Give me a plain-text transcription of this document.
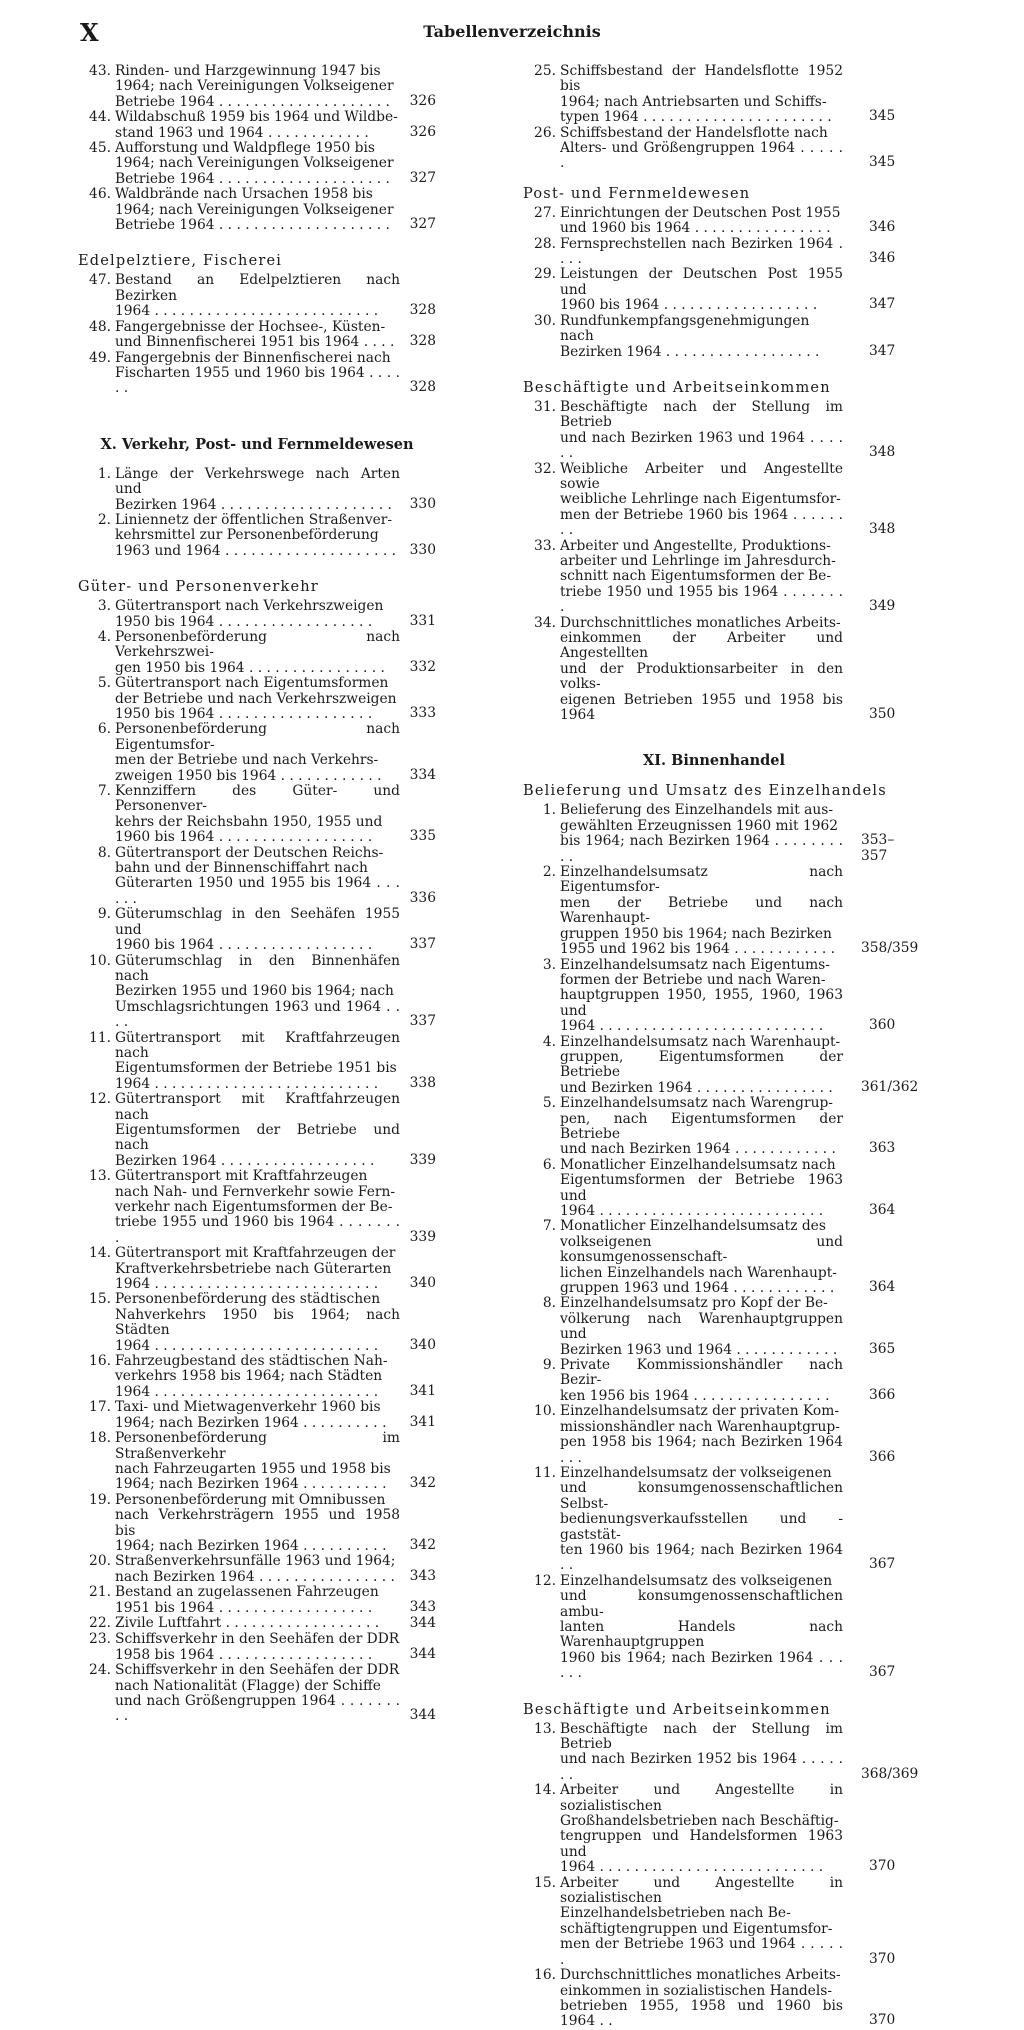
X	Tabellenverzeichnis
43. Rinden- und Harzgewinnung 1947 bis
1964; nach Vereinigungen Volkseigener
Betriebe 1964 . . . . . . . . . . . . . . . . . . . .	326
44. Wildabschuß 1959 bis 1964 und Wildbe-
stand 1963 und 1964 . . . . . . . . . . . .	326
45. Aufforstung und Waldpflege 1950 bis
1964; nach Vereinigungen Volkseigener
Betriebe 1964 . . . . . . . . . . . . . . . . . . . .	327
46. Waldbrände nach Ursachen 1958 bis
1964; nach Vereinigungen Volkseigener
Betriebe 1964 . . . . . . . . . . . . . . . . . . . .	327
Edelpelztiere, Fischerei
47. Bestand an Edelpelztieren nach Bezirken
1964 . . . . . . . . . . . . . . . . . . . . . . . . . .	328
48. Fangergebnisse der Hochsee-, Küsten-
und Binnenfischerei 1951 bis 1964 . . . .	328
49. Fangergebnis der Binnenfischerei nach
Fischarten 1955 und 1960 bis 1964 . . . . . .	328
X. Verkehr, Post- und Fernmeldewesen
1. Länge der Verkehrswege nach Arten und
Bezirken 1964 . . . . . . . . . . . . . . . . . . . .	330
2. Liniennetz der öffentlichen Straßenver-
kehrsmittel zur Personenbeförderung
1963 und 1964 . . . . . . . . . . . . . . . . . . . . 330
Güter- und Personenverkehr
3. Gütertransport nach Verkehrszweigen
1950 bis 1964 . . . . . . . . . . . . . . . . . .	331
4. Personenbeförderung nach Verkehrszwei-
gen 1950 bis 1964 . . . . . . . . . . . . . . . .	332
5. Gütertransport nach Eigentumsformen
der Betriebe und nach Verkehrszweigen
1950 bis 1964 . . . . . . . . . . . . . . . . . .	333
6. Personenbeförderung nach Eigentumsfor-
men der Betriebe und nach Verkehrs-
zweigen 1950 bis 1964 . . . . . . . . . . . .	334
7. Kennziffern des Güter- und Personenver-
kehrs der Reichsbahn 1950, 1955 und
1960 bis 1964 . . . . . . . . . . . . . . . . . .	335
8. Gütertransport der Deutschen Reichs-
bahn und der Binnenschiffahrt nach
Güterarten 1950 und 1955 bis 1964 . . . . . .	336
9. Güterumschlag in den Seehäfen 1955 und
1960 bis 1964 . . . . . . . . . . . . . . . . . .	337
10. Güterumschlag in den Binnenhäfen nach
Bezirken 1955 und 1960 bis 1964; nach
Umschlagsrichtungen 1963 und 1964 . . . .	337
11. Gütertransport mit Kraftfahrzeugen nach
Eigentumsformen der Betriebe 1951 bis
1964 . . . . . . . . . . . . . . . . . . . . . . . . . .	338
12. Gütertransport mit Kraftfahrzeugen nach
Eigentumsformen der Betriebe und nach
Bezirken 1964 . . . . . . . . . . . . . . . . . .	339
13. Gütertransport mit Kraftfahrzeugen
nach Nah- und Fernverkehr sowie Fern-
verkehr nach Eigentumsformen der Be-
triebe 1955 und 1960 bis 1964 . . . . . . . .	339
14. Gütertransport mit Kraftfahrzeugen der
Kraftverkehrsbetriebe nach Güterarten
1964 . . . . . . . . . . . . . . . . . . . . . . . . . .	340
15. Personenbeförderung des städtischen
Nahverkehrs 1950 bis 1964; nach Städten
1964 . . . . . . . . . . . . . . . . . . . . . . . . . .	340
16. Fahrzeugbestand des städtischen Nah-
verkehrs 1958 bis 1964; nach Städten
1964 . . . . . . . . . . . . . . . . . . . . . . . . . .	341
17. Taxi- und Mietwagenverkehr 1960 bis
1964; nach Bezirken 1964 . . . . . . . . . .	341
18. Personenbeförderung im Straßenverkehr
nach Fahrzeugarten 1955 und 1958 bis
1964; nach Bezirken 1964 . . . . . . . . . .	342
19. Personenbeförderung mit Omnibussen
nach Verkehrsträgern 1955 und 1958 bis
1964; nach Bezirken 1964 . . . . . . . . . .	342
20. Straßenverkehrsunfälle 1963 und 1964;
nach Bezirken 1964 . . . . . . . . . . . . . . . .	343
21. Bestand an zugelassenen Fahrzeugen
1951 bis 1964 . . . . . . . . . . . . . . . . . .	343
22. Zivile Luftfahrt . . . . . . . . . . . . . . . . . .	344
23. Schiffsverkehr in den Seehäfen der DDR
1958 bis 1964 . . . . . . . . . . . . . . . . . .	344
24. Schiffsverkehr in den Seehäfen der DDR
nach Nationalität (Flagge) der Schiffe
und nach Größengruppen 1964 . . . . . . . . .	344
25. Schiffsbestand der Handelsflotte 1952 bis
1964; nach Antriebsarten und Schiffs-
typen 1964 . . . . . . . . . . . . . . . . . . . . . .	345
26. Schiffsbestand der Handelsflotte nach
Alters- und Größengruppen 1964 . . . . . .	345
Post- und Fernmeldewesen
27. Einrichtungen der Deutschen Post 1955
und 1960 bis 1964 . . . . . . . . . . . . . . . .	346
28. Fernsprechstellen nach Bezirken 1964 . . . .	346
29. Leistungen der Deutschen Post 1955 und
1960 bis 1964 . . . . . . . . . . . . . . . . . .	347
30. Rundfunkempfangsgenehmigungen nach
Bezirken 1964 . . . . . . . . . . . . . . . . . .	347
Beschäftigte und Arbeitseinkommen
31. Beschäftigte nach der Stellung im Betrieb
und nach Bezirken 1963 und 1964 . . . . . .	348
32. Weibliche Arbeiter und Angestellte sowie
weibliche Lehrlinge nach Eigentumsfor-
men der Betriebe 1960 bis 1964 . . . . . . . .	348
33. Arbeiter und Angestellte, Produktions-
arbeiter und Lehrlinge im Jahresdurch-
schnitt nach Eigentumsformen der Be-
triebe 1950 und 1955 bis 1964 . . . . . . . .	349
34. Durchschnittliches monatliches Arbeits-
einkommen der Arbeiter und Angestellten
und der Produktionsarbeiter in den volks-
eigenen Betrieben 1955 und 1958 bis 1964	350
XI. Binnenhandel
Belieferung und Umsatz des Einzelhandels
1. Belieferung des Einzelhandels mit aus-
gewählten Erzeugnissen 1960 mit 1962
bis 1964; nach Bezirken 1964 . . . . . . . . . .
353–357
2. Einzelhandelsumsatz nach Eigentumsfor-
men der Betriebe und nach Warenhaupt-
gruppen 1950 bis 1964; nach Bezirken
1955 und 1962 bis 1964 . . . . . . . . . . . .	358/359
3. Einzelhandelsumsatz nach Eigentums-
formen der Betriebe und nach Waren-
hauptgruppen 1950, 1955, 1960, 1963 und
1964 . . . . . . . . . . . . . . . . . . . . . . . . . .	360
4. Einzelhandelsumsatz nach Warenhaupt-
gruppen, Eigentumsformen der Betriebe
und Bezirken 1964 . . . . . . . . . . . . . . . .	361/362
5. Einzelhandelsumsatz nach Warengrup-
pen, nach Eigentumsformen der Betriebe
und nach Bezirken 1964 . . . . . . . . . . . .	363
6. Monatlicher Einzelhandelsumsatz nach
Eigentumsformen der Betriebe 1963 und
1964 . . . . . . . . . . . . . . . . . . . . . . . . . .	364
7. Monatlicher Einzelhandelsumsatz des
volkseigenen und konsumgenossenschaft-
lichen Einzelhandels nach Warenhaupt-
gruppen 1963 und 1964 . . . . . . . . . . . .	364
8. Einzelhandelsumsatz pro Kopf der Be-
völkerung nach Warenhauptgruppen und
Bezirken 1963 und 1964 . . . . . . . . . . . .	365
9. Private Kommissionshändler nach Bezir-
ken 1956 bis 1964 . . . . . . . . . . . . . . . .	366
10. Einzelhandelsumsatz der privaten Kom-
missionshändler nach Warenhauptgrup-
pen 1958 bis 1964; nach Bezirken 1964 . . .	366
11. Einzelhandelsumsatz der volkseigenen
und konsumgenossenschaftlichen Selbst-
bedienungsverkaufsstellen und -gaststät-
ten 1960 bis 1964; nach Bezirken 1964 . .	367
12. Einzelhandelsumsatz des volkseigenen
und konsumgenossenschaftlichen ambu-
lanten Handels nach Warenhauptgruppen
1960 bis 1964; nach Bezirken 1964 . . . . . .	367
Beschäftigte und Arbeitseinkommen
13. Beschäftigte nach der Stellung im Betrieb
und nach Bezirken 1952 bis 1964 . . . . . . .	368/369
14. Arbeiter und Angestellte in sozialistischen
Großhandelsbetrieben nach Beschäftig-
tengruppen und Handelsformen 1963 und
1964 . . . . . . . . . . . . . . . . . . . . . . . . . .	370
15. Arbeiter und Angestellte in sozialistischen
Einzelhandelsbetrieben nach Be-
schäftigtengruppen und Eigentumsfor-
men der Betriebe 1963 und 1964 . . . . . .	370
16. Durchschnittliches monatliches Arbeits-
einkommen in sozialistischen Handels-
betrieben 1955, 1958 und 1960 bis 1964 . .	370
